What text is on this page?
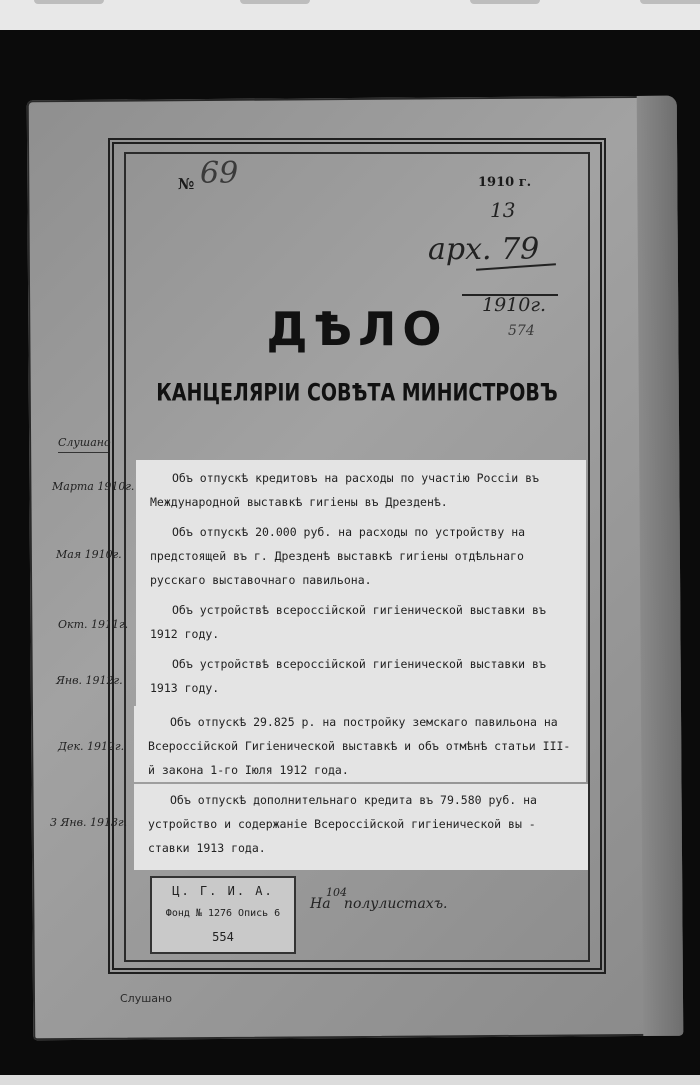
№ 69	1910 г.
13
арх. 79
1910г.
574
ДѢЛО
КАНЦЕЛЯРІИ СОВѢТА МИНИСТРОВЪ

Объ отпускѣ кредитовъ на расходы по участію Россіи въ Международной выставкѣ гигіены въ Дрезденѣ.

Объ отпускѣ 20.000 руб. на расходы по устройству на предстоящей въ г. Дрезденѣ выставкѣ гигіены отдѣльнаго русскаго выставочнаго павильона.

Объ устройствѣ всероссійской гигіенической выставки въ 1912 году.

Объ устройствѣ всероссійской гигіенической выставки въ 1913 году.

Объ отпускѣ 29.825 р. на постройку земскаго павильона на Всероссійской Гигіенической выставкѣ и объ отмѣнѣ статьи III-й закона 1-го Іюля 1912 года.

Объ отпускѣ дополнительнаго кредита въ 79.580 руб. на устройство и содержаніе Всероссійской гигіенической вы - ставки 1913 года.

Ц. Г. И. А.
Фонд № 1276 Опись 6
554
На полулистахъ.
104
Слушано
Слушано
Марта 1910г.
Мая 1910г.
Окт. 1911г.
Янв. 1912г.
Дек. 1912г.
3 Янв. 1913г.
